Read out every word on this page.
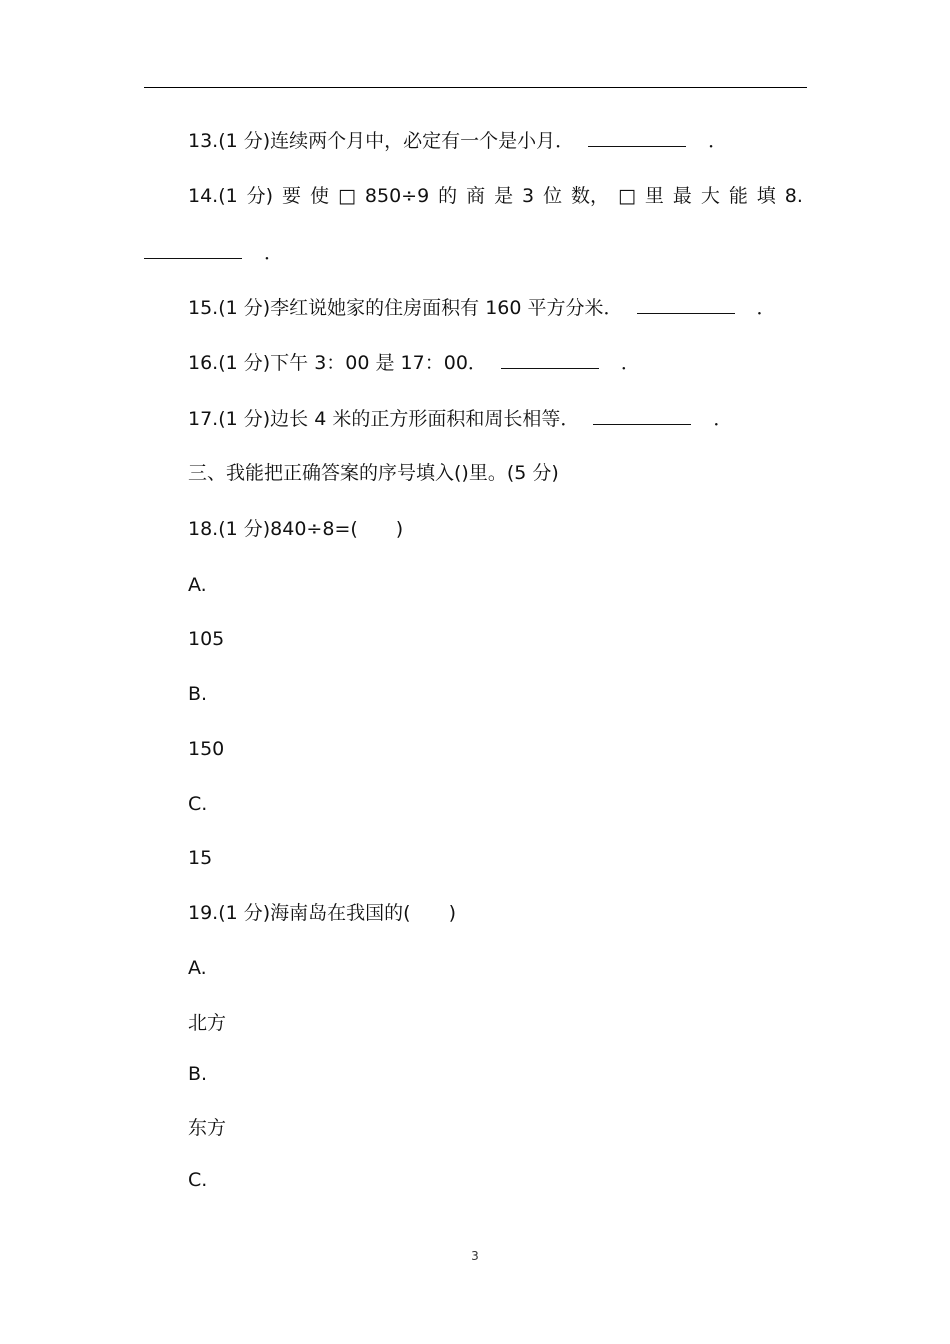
13.(1 分)连续两个月中，必定有一个是小月．	．
14.(1 分) 要 使 □ 850÷9 的 商 是 3 位 数， □ 里 最 大 能 填 8.
．
15.(1 分)李红说她家的住房面积有 160 平方分米．	．
16.(1 分)下午 3：00 是 17：00．	．
17.(1 分)边长 4 米的正方形面积和周长相等．	．
三、我能把正确答案的序号填入()里。(5 分)
18.(1 分)840÷8=(　　)
A.
105
B.
150
C.
15
19.(1 分)海南岛在我国的(　　)
A.
北方
B.
东方
C.
3
